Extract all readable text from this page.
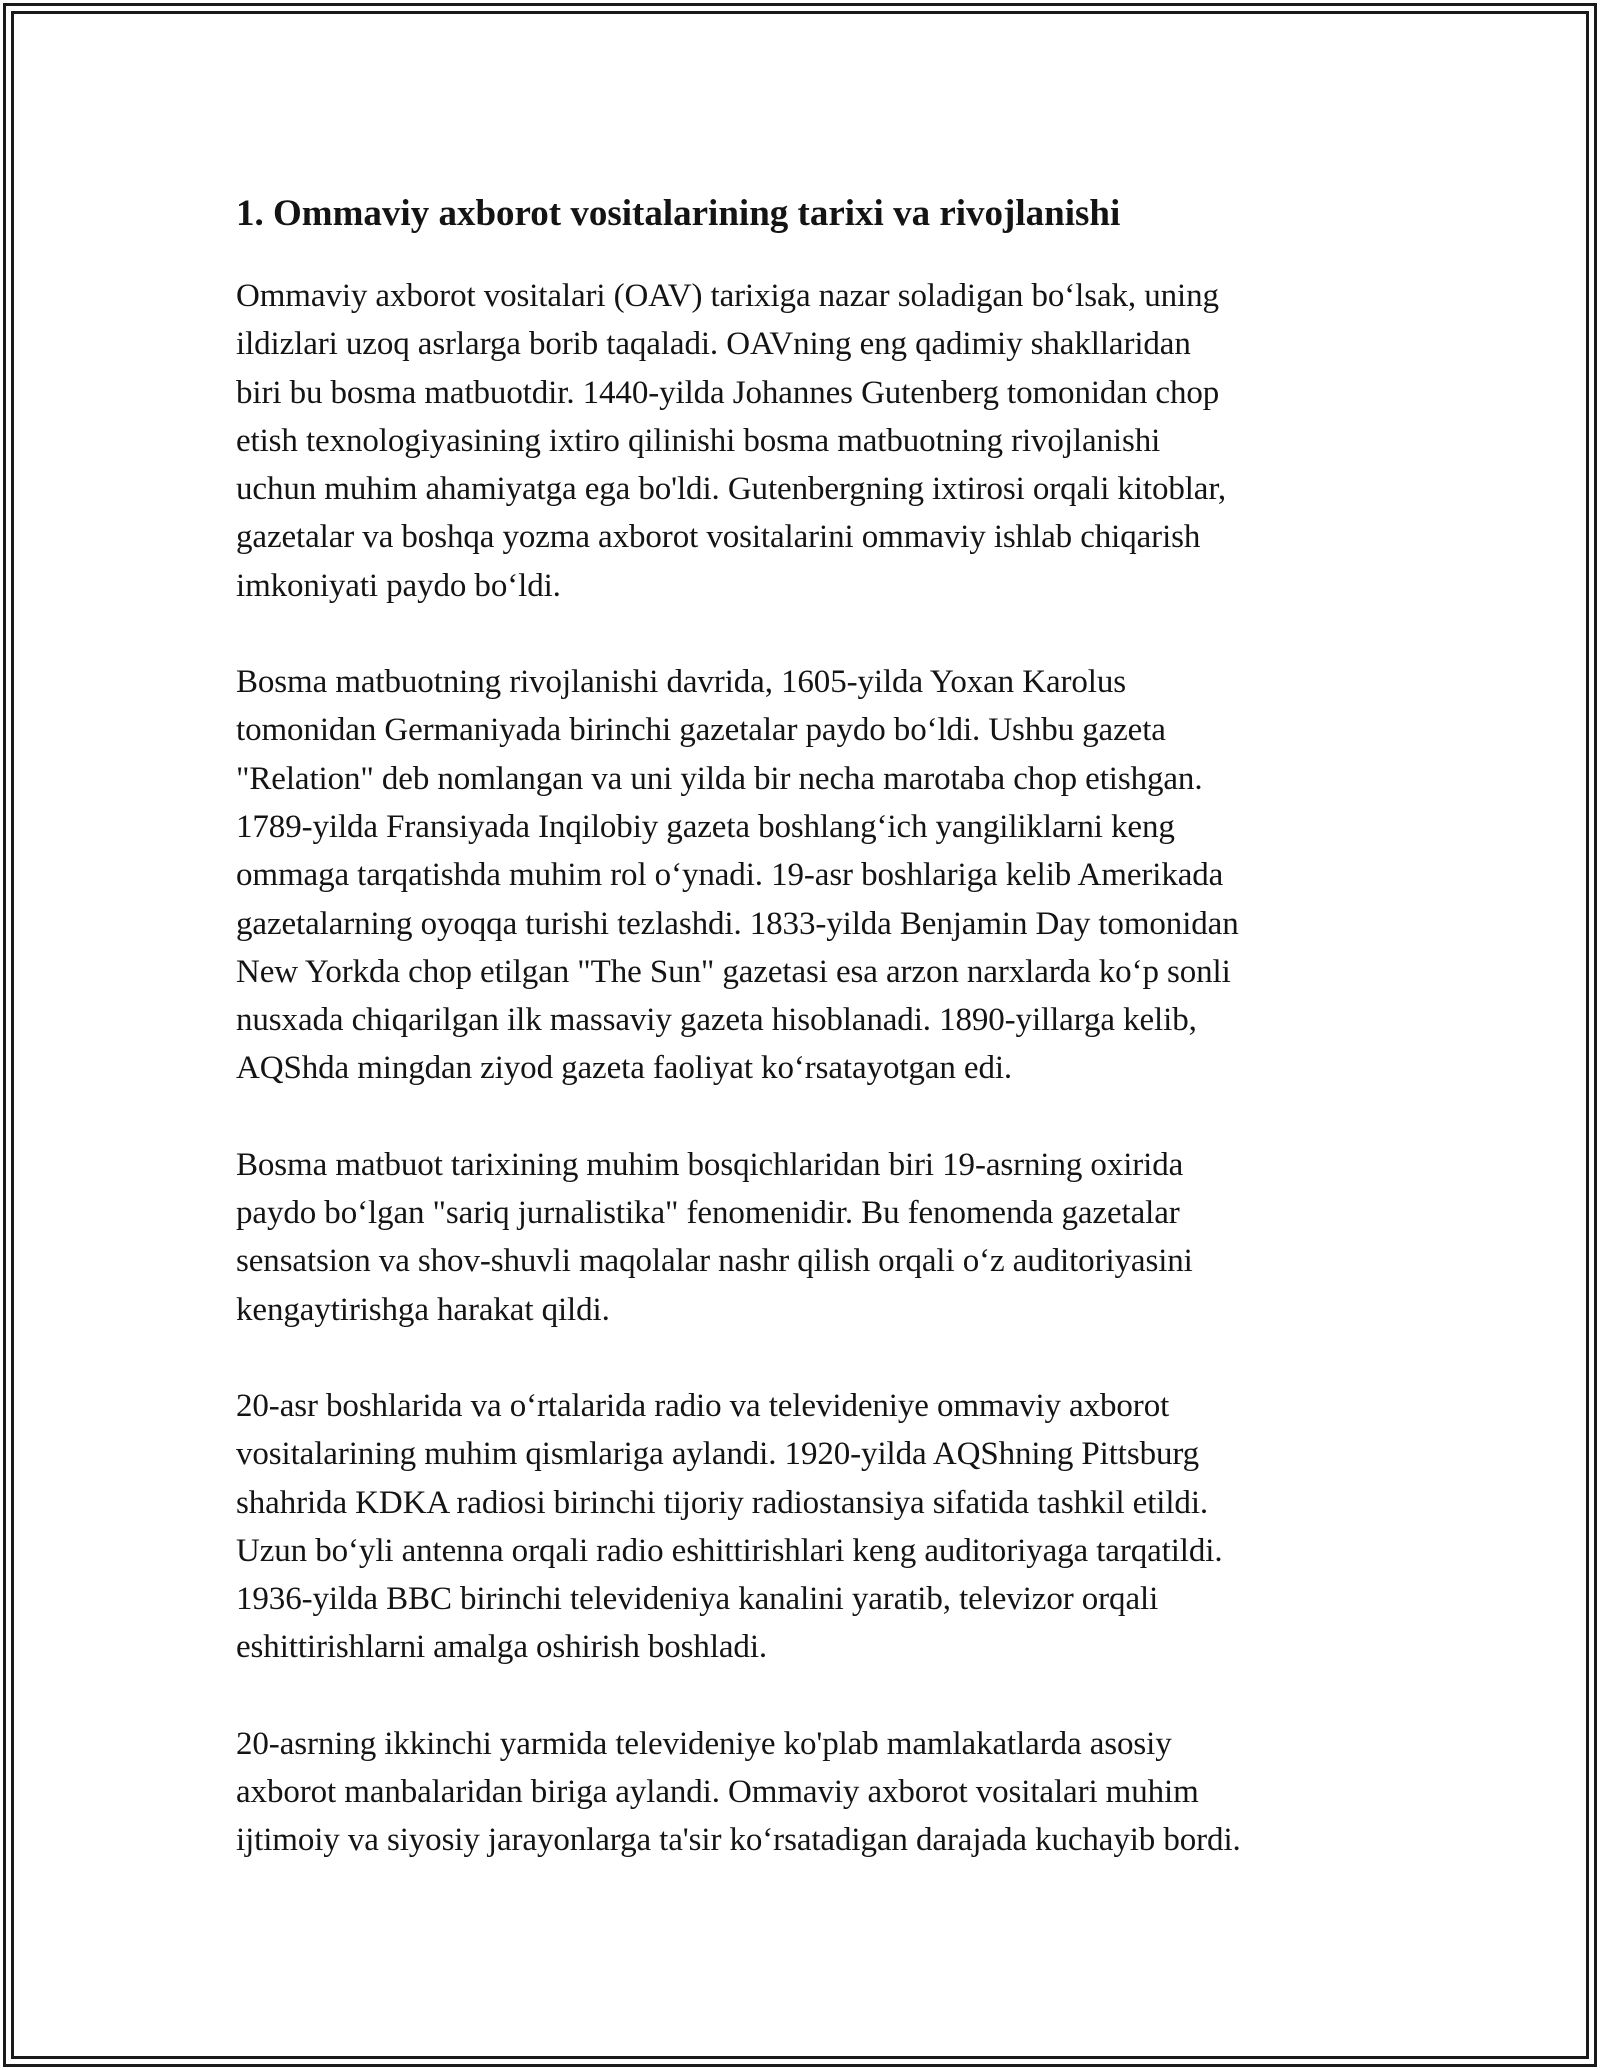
1. Ommaviy axborot vositalarining tarixi va rivojlanishi

Ommaviy axborot vositalari (OAV) tarixiga nazar soladigan bo‘lsak, uning
ildizlari uzoq asrlarga borib taqaladi. OAVning eng qadimiy shakllaridan
biri bu bosma matbuotdir. 1440-yilda Johannes Gutenberg tomonidan chop
etish texnologiyasining ixtiro qilinishi bosma matbuotning rivojlanishi
uchun muhim ahamiyatga ega bo'ldi. Gutenbergning ixtirosi orqali kitoblar,
gazetalar va boshqa yozma axborot vositalarini ommaviy ishlab chiqarish
imkoniyati paydo bo‘ldi.

Bosma matbuotning rivojlanishi davrida, 1605-yilda Yoxan Karolus
tomonidan Germaniyada birinchi gazetalar paydo bo‘ldi. Ushbu gazeta
"Relation" deb nomlangan va uni yilda bir necha marotaba chop etishgan.
1789-yilda Fransiyada Inqilobiy gazeta boshlang‘ich yangiliklarni keng
ommaga tarqatishda muhim rol o‘ynadi. 19-asr boshlariga kelib Amerikada
gazetalarning oyoqqa turishi tezlashdi. 1833-yilda Benjamin Day tomonidan
New Yorkda chop etilgan "The Sun" gazetasi esa arzon narxlarda ko‘p sonli
nusxada chiqarilgan ilk massaviy gazeta hisoblanadi. 1890-yillarga kelib,
AQShda mingdan ziyod gazeta faoliyat ko‘rsatayotgan edi.

Bosma matbuot tarixining muhim bosqichlaridan biri 19-asrning oxirida
paydo bo‘lgan "sariq jurnalistika" fenomenidir. Bu fenomenda gazetalar
sensatsion va shov-shuvli maqolalar nashr qilish orqali o‘z auditoriyasini
kengaytirishga harakat qildi.

20-asr boshlarida va o‘rtalarida radio va televideniye ommaviy axborot
vositalarining muhim qismlariga aylandi. 1920-yilda AQShning Pittsburg
shahrida KDKA radiosi birinchi tijoriy radiostansiya sifatida tashkil etildi.
Uzun bo‘yli antenna orqali radio eshittirishlari keng auditoriyaga tarqatildi.
1936-yilda BBC birinchi televideniya kanalini yaratib, televizor orqali
eshittirishlarni amalga oshirish boshladi.

20-asrning ikkinchi yarmida televideniye ko'plab mamlakatlarda asosiy
axborot manbalaridan biriga aylandi. Ommaviy axborot vositalari muhim
ijtimoiy va siyosiy jarayonlarga ta'sir ko‘rsatadigan darajada kuchayib bordi.
